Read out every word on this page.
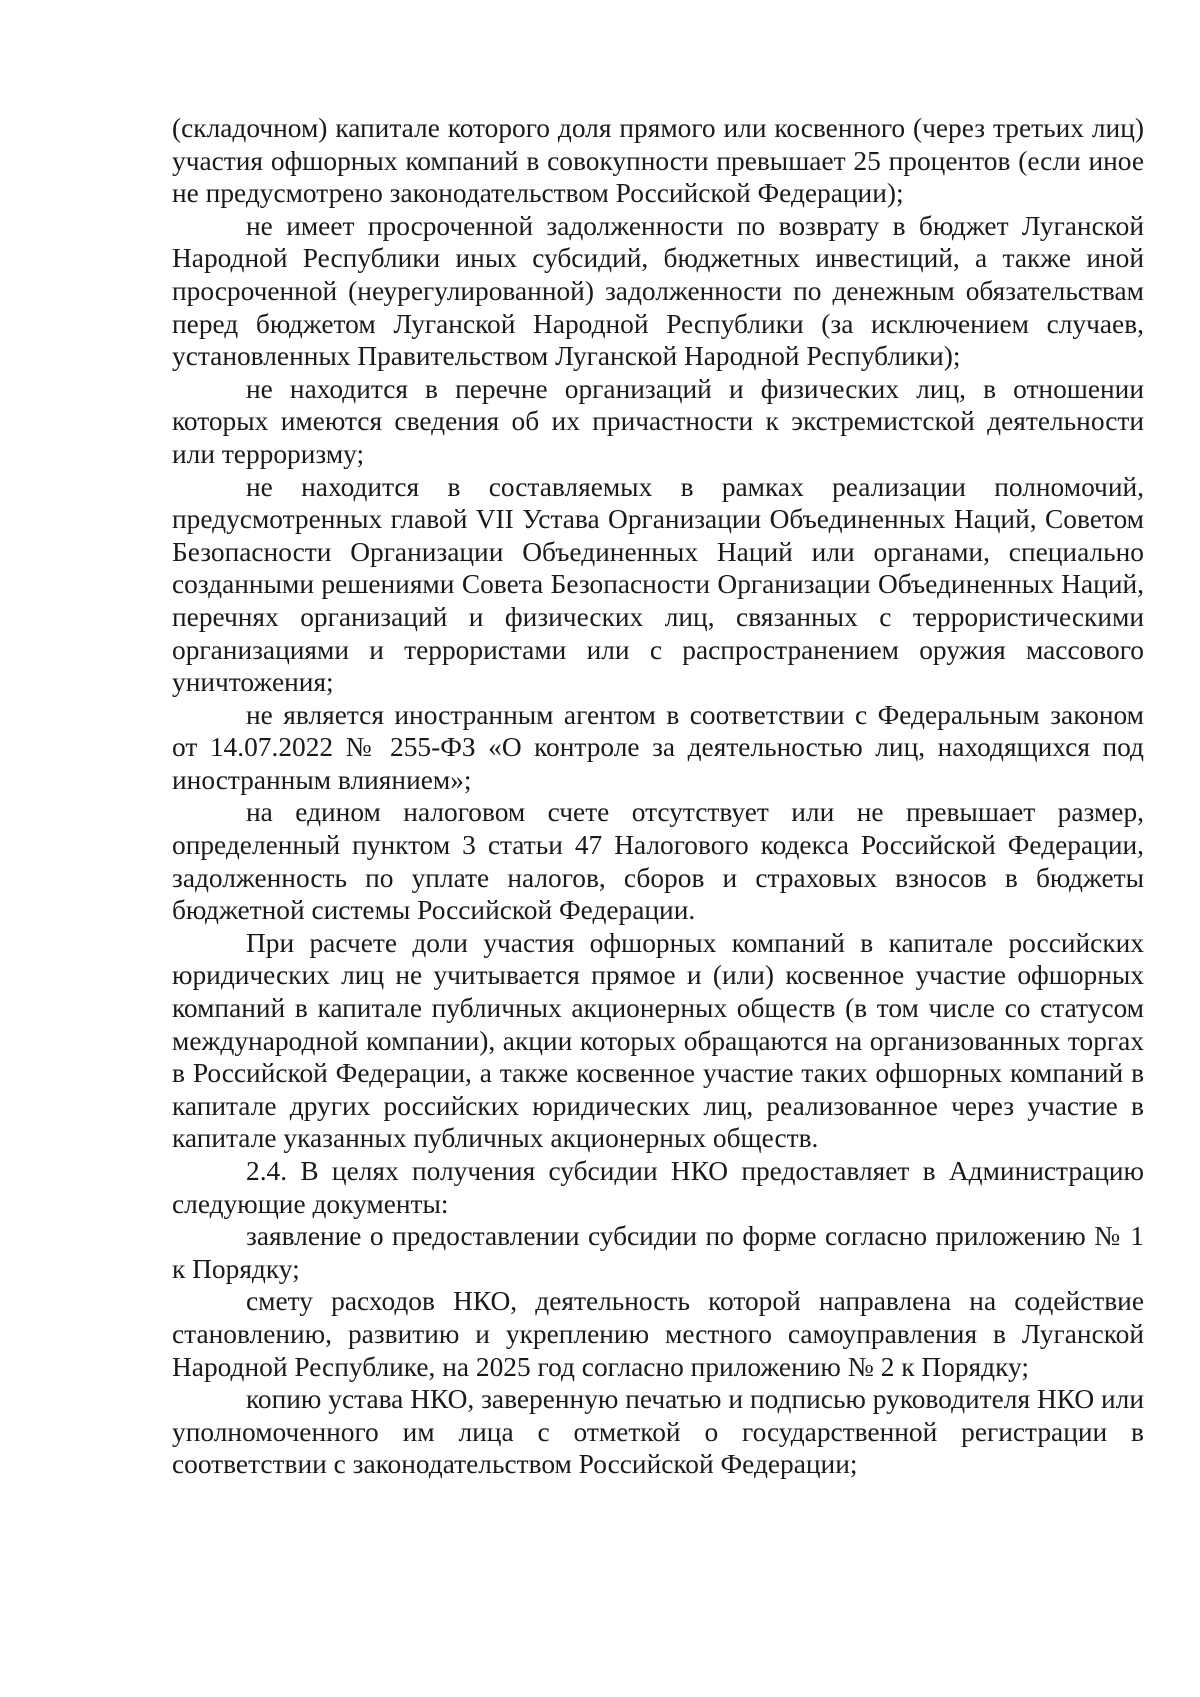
(складочном) капитале которого доля прямого или косвенного (через третьих лиц) участия офшорных компаний в совокупности превышает 25 процентов (если иное не предусмотрено законодательством Российской Федерации);

не имеет просроченной задолженности по возврату в бюджет Луганской Народной Республики иных субсидий, бюджетных инвестиций, а также иной просроченной (неурегулированной) задолженности по денежным обязательствам перед бюджетом Луганской Народной Республики (за исключением случаев, установленных Правительством Луганской Народной Республики);

не находится в перечне организаций и физических лиц, в отношении которых имеются сведения об их причастности к экстремистской деятельности или терроризму;

не находится в составляемых в рамках реализации полномочий, предусмотренных главой VII Устава Организации Объединенных Наций, Советом Безопасности Организации Объединенных Наций или органами, специально созданными решениями Совета Безопасности Организации Объединенных Наций, перечнях организаций и физических лиц, связанных с террористическими организациями и террористами или с распространением оружия массового уничтожения;

не является иностранным агентом в соответствии с Федеральным законом от 14.07.2022 № 255-ФЗ «О контроле за деятельностью лиц, находящихся под иностранным влиянием»;

на едином налоговом счете отсутствует или не превышает размер, определенный пунктом 3 статьи 47 Налогового кодекса Российской Федерации, задолженность по уплате налогов, сборов и страховых взносов в бюджеты бюджетной системы Российской Федерации.

При расчете доли участия офшорных компаний в капитале российских юридических лиц не учитывается прямое и (или) косвенное участие офшорных компаний в капитале публичных акционерных обществ (в том числе со статусом международной компании), акции которых обращаются на организованных торгах в Российской Федерации, а также косвенное участие таких офшорных компаний в капитале других российских юридических лиц, реализованное через участие в капитале указанных публичных акционерных обществ.

2.4. В целях получения субсидии НКО предоставляет в Администрацию следующие документы:

заявление о предоставлении субсидии по форме согласно приложению № 1 к Порядку;

смету расходов НКО, деятельность которой направлена на содействие становлению, развитию и укреплению местного самоуправления в Луганской Народной Республике, на 2025 год согласно приложению № 2 к Порядку;

копию устава НКО, заверенную печатью и подписью руководителя НКО или уполномоченного им лица с отметкой о государственной регистрации в соответствии с законодательством Российской Федерации;
